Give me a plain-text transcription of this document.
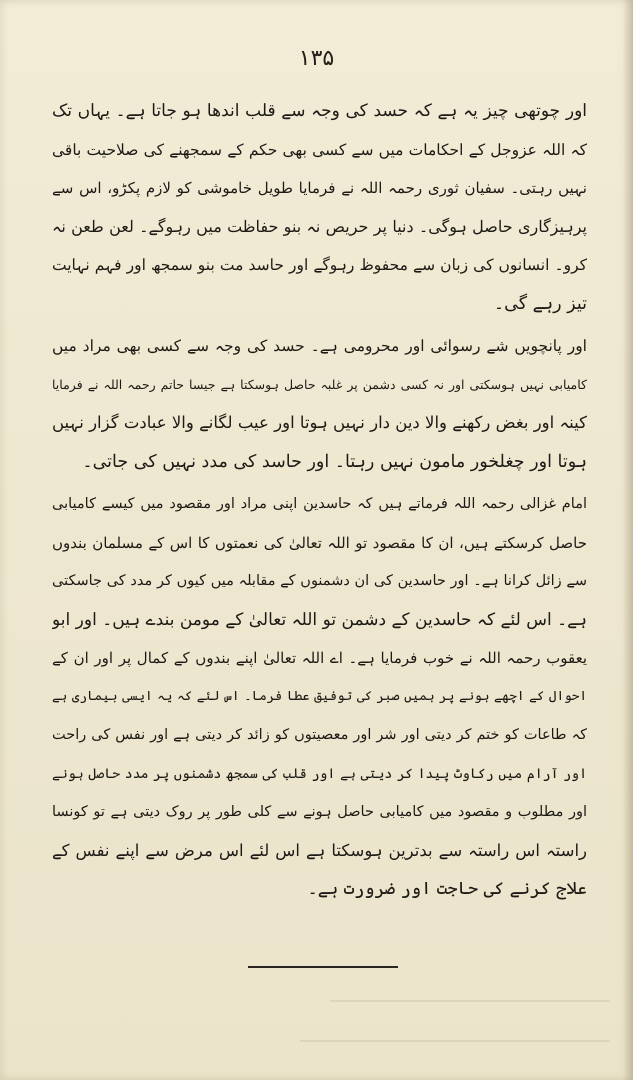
۱۳۵
اور چوتھی چیز یہ ہے کہ حسد کی وجہ سے قلب اندھا ہو جاتا ہے۔ یہاں تک
کہ اللہ عزوجل کے احکامات میں سے کسی بھی حکم کے سمجھنے کی صلاحیت باقی
نہیں رہتی۔ سفیان ثوری رحمہ اللہ نے فرمایا طویل خاموشی کو لازم پکڑو، اس سے
پرہیزگاری حاصل ہوگی۔ دنیا پر حریص نہ بنو حفاظت میں رہوگے۔ لعن طعن نہ
کرو۔ انسانوں کی زبان سے محفوظ رہوگے اور حاسد مت بنو سمجھ اور فہم نہایت
تیز رہے گی۔
اور پانچویں شے رسوائی اور محرومی ہے۔ حسد کی وجہ سے کسی بھی مراد میں
کامیابی نہیں ہوسکتی اور نہ کسی دشمن پر غلبہ حاصل ہوسکتا ہے جیسا حاتم رحمہ اللہ نے فرمایا
کینہ اور بغض رکھنے والا دین دار نہیں ہوتا اور عیب لگانے والا عبادت گزار نہیں
ہوتا اور چغلخور مامون نہیں رہتا۔ اور حاسد کی مدد نہیں کی جاتی۔
امام غزالی رحمہ اللہ فرماتے ہیں کہ حاسدین اپنی مراد اور مقصود میں کیسے کامیابی
حاصل کرسکتے ہیں، ان کا مقصود تو اللہ تعالیٰ کی نعمتوں کا اس کے مسلمان بندوں
سے زائل کرانا ہے۔ اور حاسدین کی ان دشمنوں کے مقابلہ میں کیوں کر مدد کی جاسکتی
ہے۔ اس لئے کہ حاسدین کے دشمن تو اللہ تعالیٰ کے مومن بندے ہیں۔ اور ابو
یعقوب رحمہ اللہ نے خوب فرمایا ہے۔ اے اللہ تعالیٰ اپنے بندوں کے کمال پر اور ان کے
احوال کے اچھے ہونے پر ہمیں صبر کی توفیق عطا فرما۔ اس لئے کہ یہ ایسی بیماری ہے
کہ طاعات کو ختم کر دیتی اور شر اور معصیتوں کو زائد کر دیتی ہے اور نفس کی راحت
اور آرام میں رکاوٹ پیدا کر دیتی ہے اور قلب کی سمجھ دشمنوں پر مدد حاصل ہونے
اور مطلوب و مقصود میں کامیابی حاصل ہونے سے کلی طور پر روک دیتی ہے تو کونسا
راستہ اس راستہ سے بدترین ہوسکتا ہے اس لئے اس مرض سے اپنے نفس کے
علاج کرنے کی حاجت اور ضرورت ہے۔
